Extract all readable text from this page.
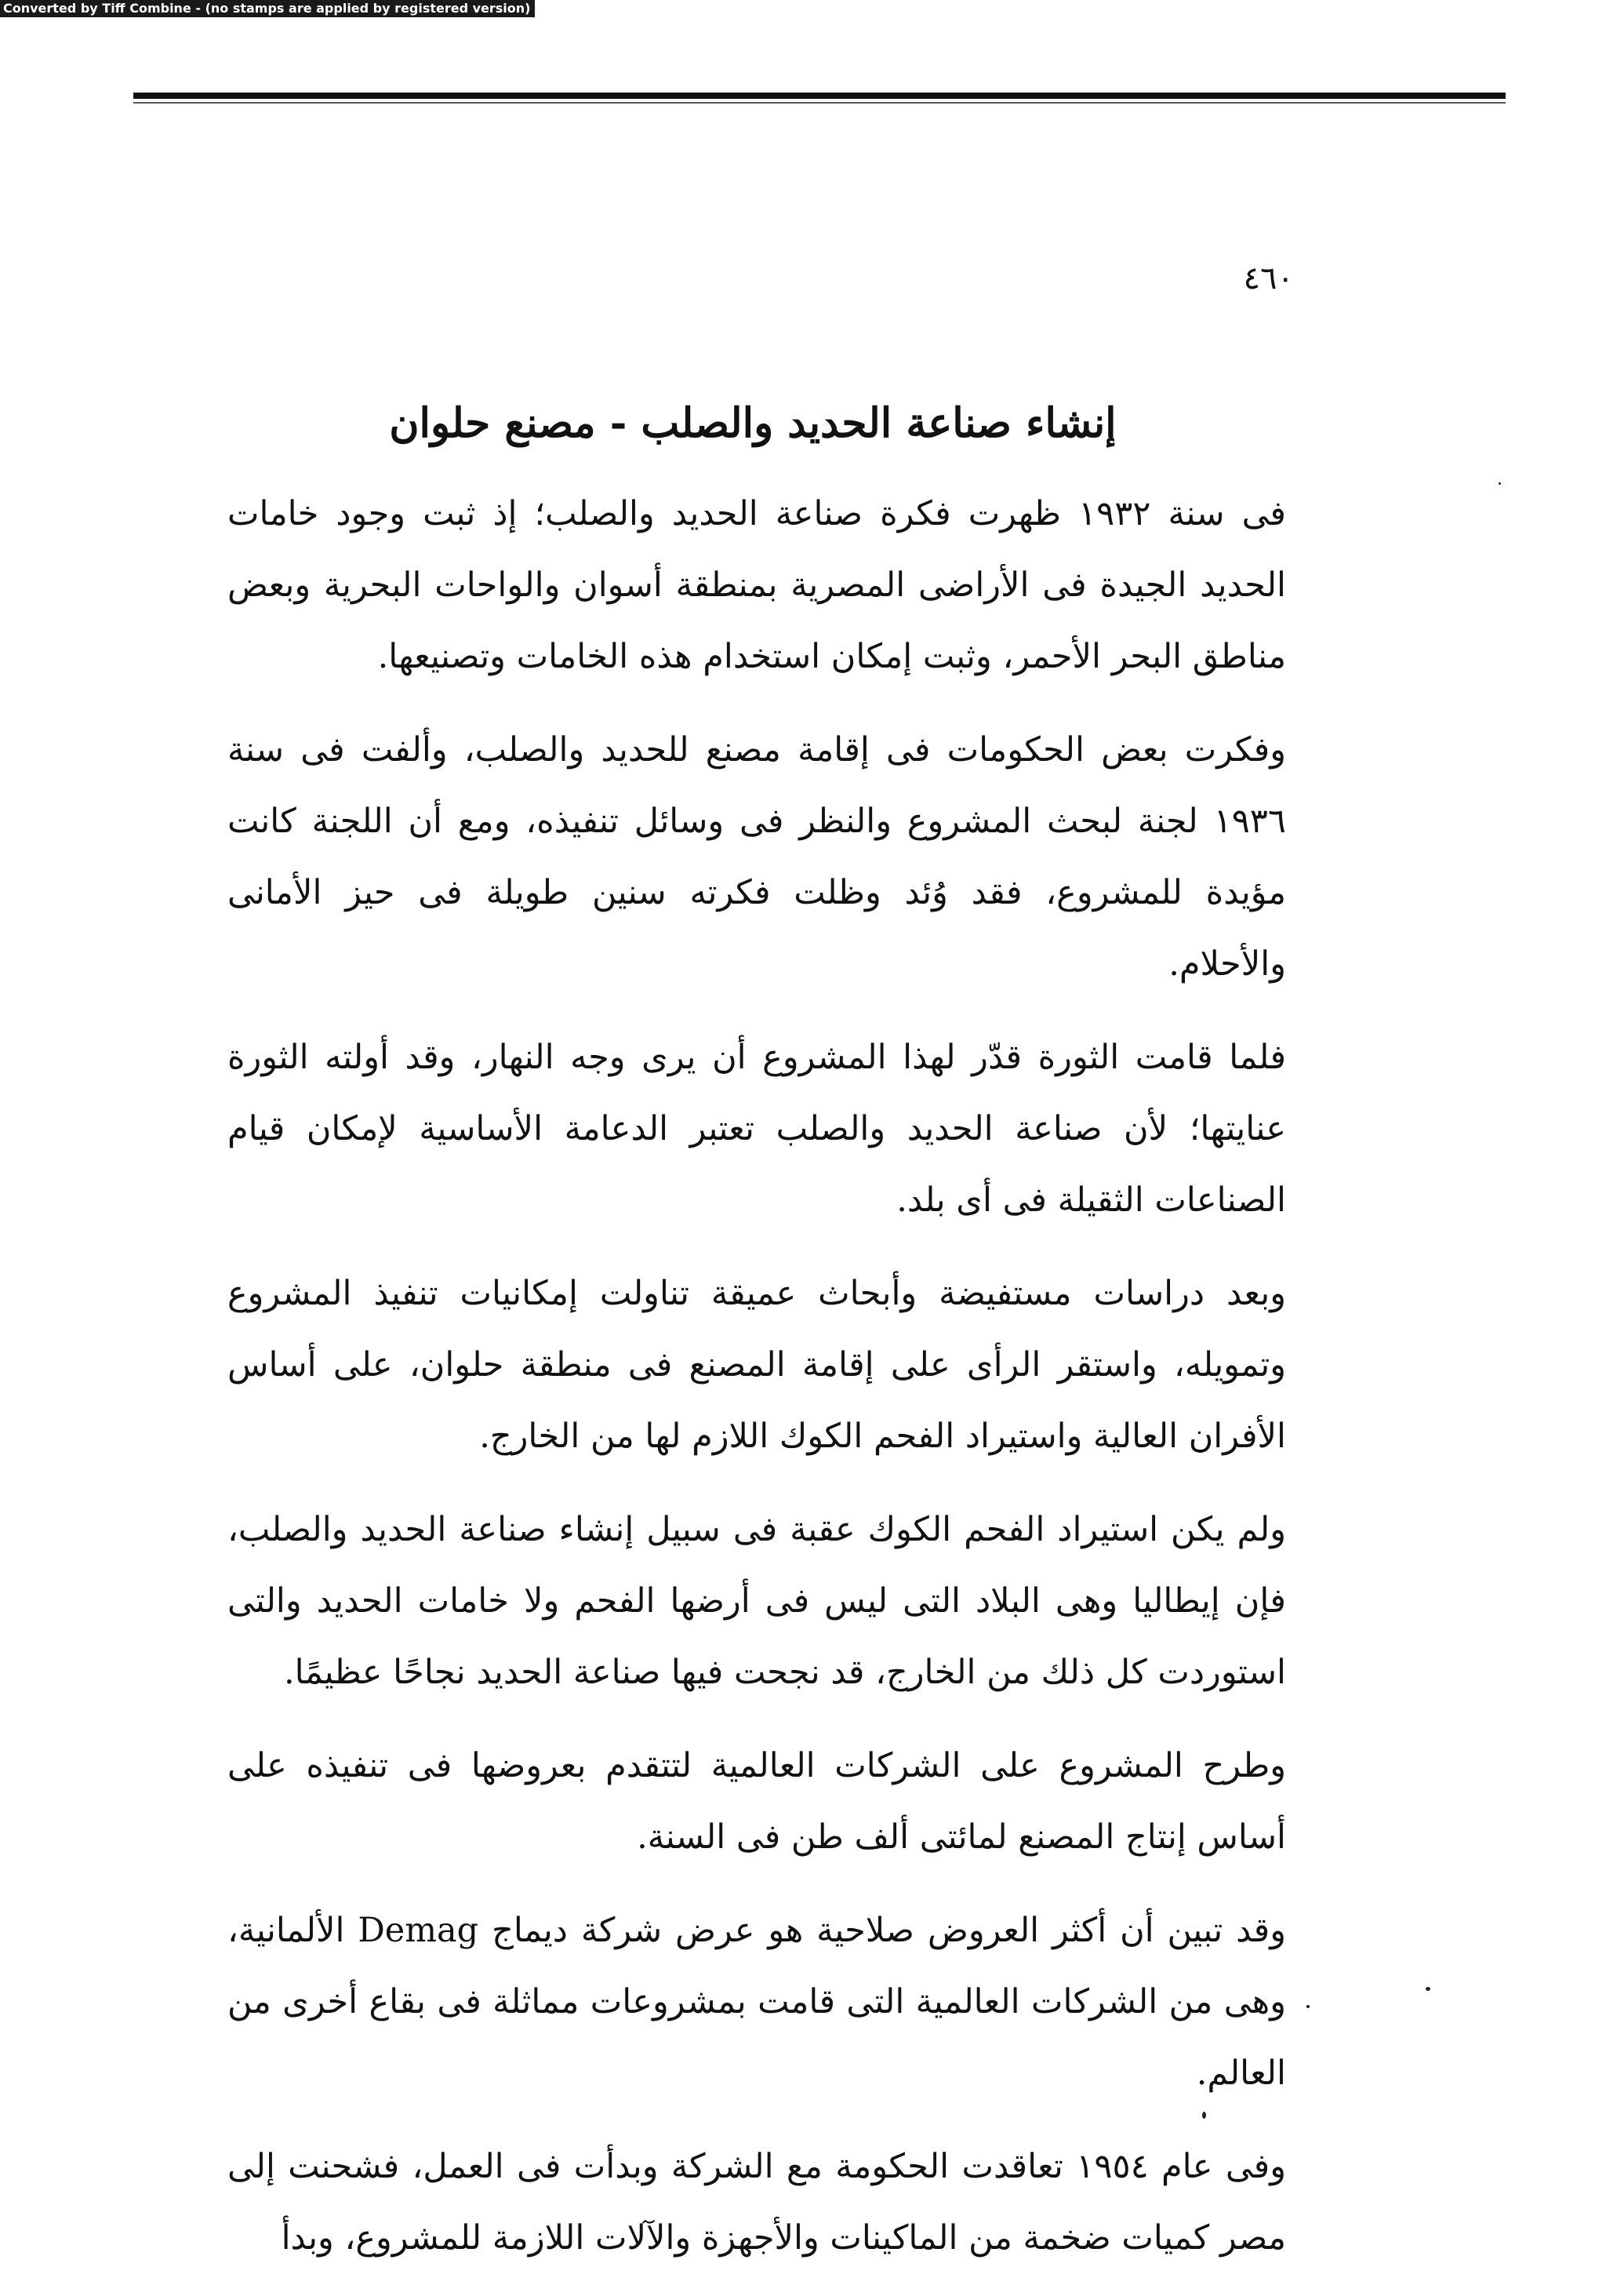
Converted by Tiff Combine - (no stamps are applied by registered version)
٤٦٠
إنشاء صناعة الحديد والصلب - مصنع حلوان

فى سنة ١٩٣٢ ظهرت فكرة صناعة الحديد والصلب؛ إذ ثبت وجود خامات الحديد الجيدة فى الأراضى المصرية بمنطقة أسوان والواحات البحرية وبعض مناطق البحر الأحمر، وثبت إمكان استخدام هذه الخامات وتصنيعها.

وفكرت بعض الحكومات فى إقامة مصنع للحديد والصلب، وألفت فى سنة ١٩٣٦ لجنة لبحث المشروع والنظر فى وسائل تنفيذه، ومع أن اللجنة كانت مؤيدة للمشروع، فقد وُئد وظلت فكرته سنين طويلة فى حيز الأمانى والأحلام.

فلما قامت الثورة قدّر لهذا المشروع أن يرى وجه النهار، وقد أولته الثورة عنايتها؛ لأن صناعة الحديد والصلب تعتبر الدعامة الأساسية لإمكان قيام الصناعات الثقيلة فى أى بلد.

وبعد دراسات مستفيضة وأبحاث عميقة تناولت إمكانيات تنفيذ المشروع وتمويله، واستقر الرأى على إقامة المصنع فى منطقة حلوان، على أساس الأفران العالية واستيراد الفحم الكوك اللازم لها من الخارج.

ولم يكن استيراد الفحم الكوك عقبة فى سبيل إنشاء صناعة الحديد والصلب، فإن إيطاليا وهى البلاد التى ليس فى أرضها الفحم ولا خامات الحديد والتى استوردت كل ذلك من الخارج، قد نجحت فيها صناعة الحديد نجاحًا عظيمًا.

وطرح المشروع على الشركات العالمية لتتقدم بعروضها فى تنفيذه على أساس إنتاج المصنع لمائتى ألف طن فى السنة.

وقد تبين أن أكثر العروض صلاحية هو عرض شركة ديماج Demag الألمانية، وهى من الشركات العالمية التى قامت بمشروعات مماثلة فى بقاع أخرى من العالم.

وفى عام ١٩٥٤ تعاقدت الحكومة مع الشركة وبدأت فى العمل، فشحنت إلى مصر كميات ضخمة من الماكينات والأجهزة والآلات اللازمة للمشروع، وبدأ
